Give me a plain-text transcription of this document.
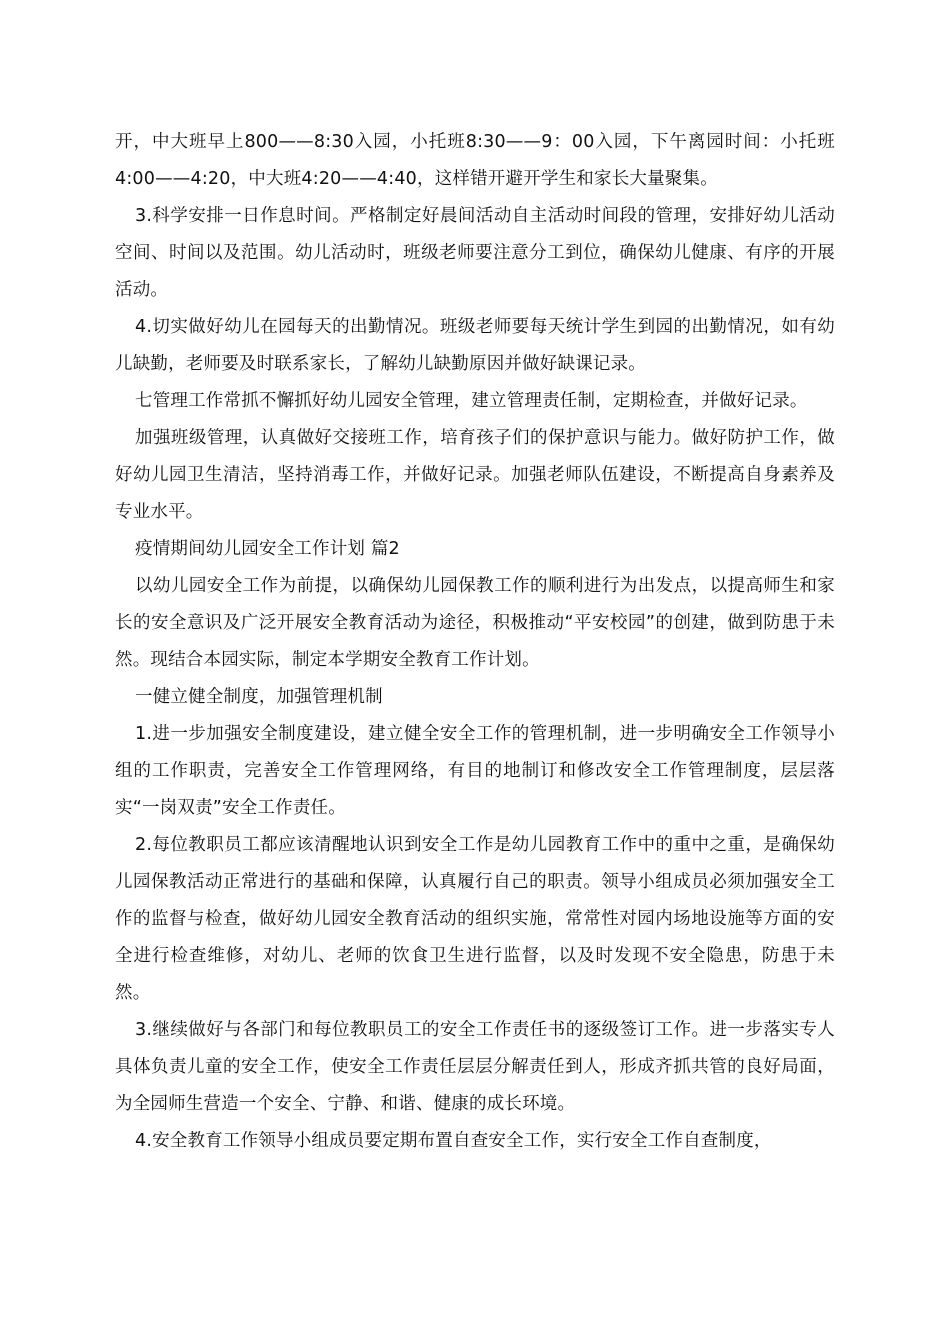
开，中大班早上800——8:30入园，小托班8:30——9：00入园，下午离园时间：小托班4:00——4:20，中大班4:20——4:40，这样错开避开学生和家长大量聚集。

3.科学安排一日作息时间。严格制定好晨间活动自主活动时间段的管理，安排好幼儿活动空间、时间以及范围。幼儿活动时，班级老师要注意分工到位，确保幼儿健康、有序的开展活动。

4.切实做好幼儿在园每天的出勤情况。班级老师要每天统计学生到园的出勤情况，如有幼儿缺勤，老师要及时联系家长，了解幼儿缺勤原因并做好缺课记录。

七管理工作常抓不懈抓好幼儿园安全管理，建立管理责任制，定期检查，并做好记录。

加强班级管理，认真做好交接班工作，培育孩子们的保护意识与能力。做好防护工作，做好幼儿园卫生清洁，坚持消毒工作，并做好记录。加强老师队伍建设，不断提高自身素养及专业水平。

疫情期间幼儿园安全工作计划 篇2

以幼儿园安全工作为前提，以确保幼儿园保教工作的顺利进行为出发点，以提高师生和家长的安全意识及广泛开展安全教育活动为途径，积极推动“平安校园”的创建，做到防患于未然。现结合本园实际，制定本学期安全教育工作计划。

一健立健全制度，加强管理机制

1.进一步加强安全制度建设，建立健全安全工作的管理机制，进一步明确安全工作领导小组的工作职责，完善安全工作管理网络，有目的地制订和修改安全工作管理制度，层层落实“一岗双责”安全工作责任。

2.每位教职员工都应该清醒地认识到安全工作是幼儿园教育工作中的重中之重，是确保幼儿园保教活动正常进行的基础和保障，认真履行自己的职责。领导小组成员必须加强安全工作的监督与检查，做好幼儿园安全教育活动的组织实施，常常性对园内场地设施等方面的安全进行检查维修，对幼儿、老师的饮食卫生进行监督，以及时发现不安全隐患，防患于未然。

3.继续做好与各部门和每位教职员工的安全工作责任书的逐级签订工作。进一步落实专人具体负责儿童的安全工作，使安全工作责任层层分解责任到人，形成齐抓共管的良好局面，为全园师生营造一个安全、宁静、和谐、健康的成长环境。

4.安全教育工作领导小组成员要定期布置自查安全工作，实行安全工作自查制度，
